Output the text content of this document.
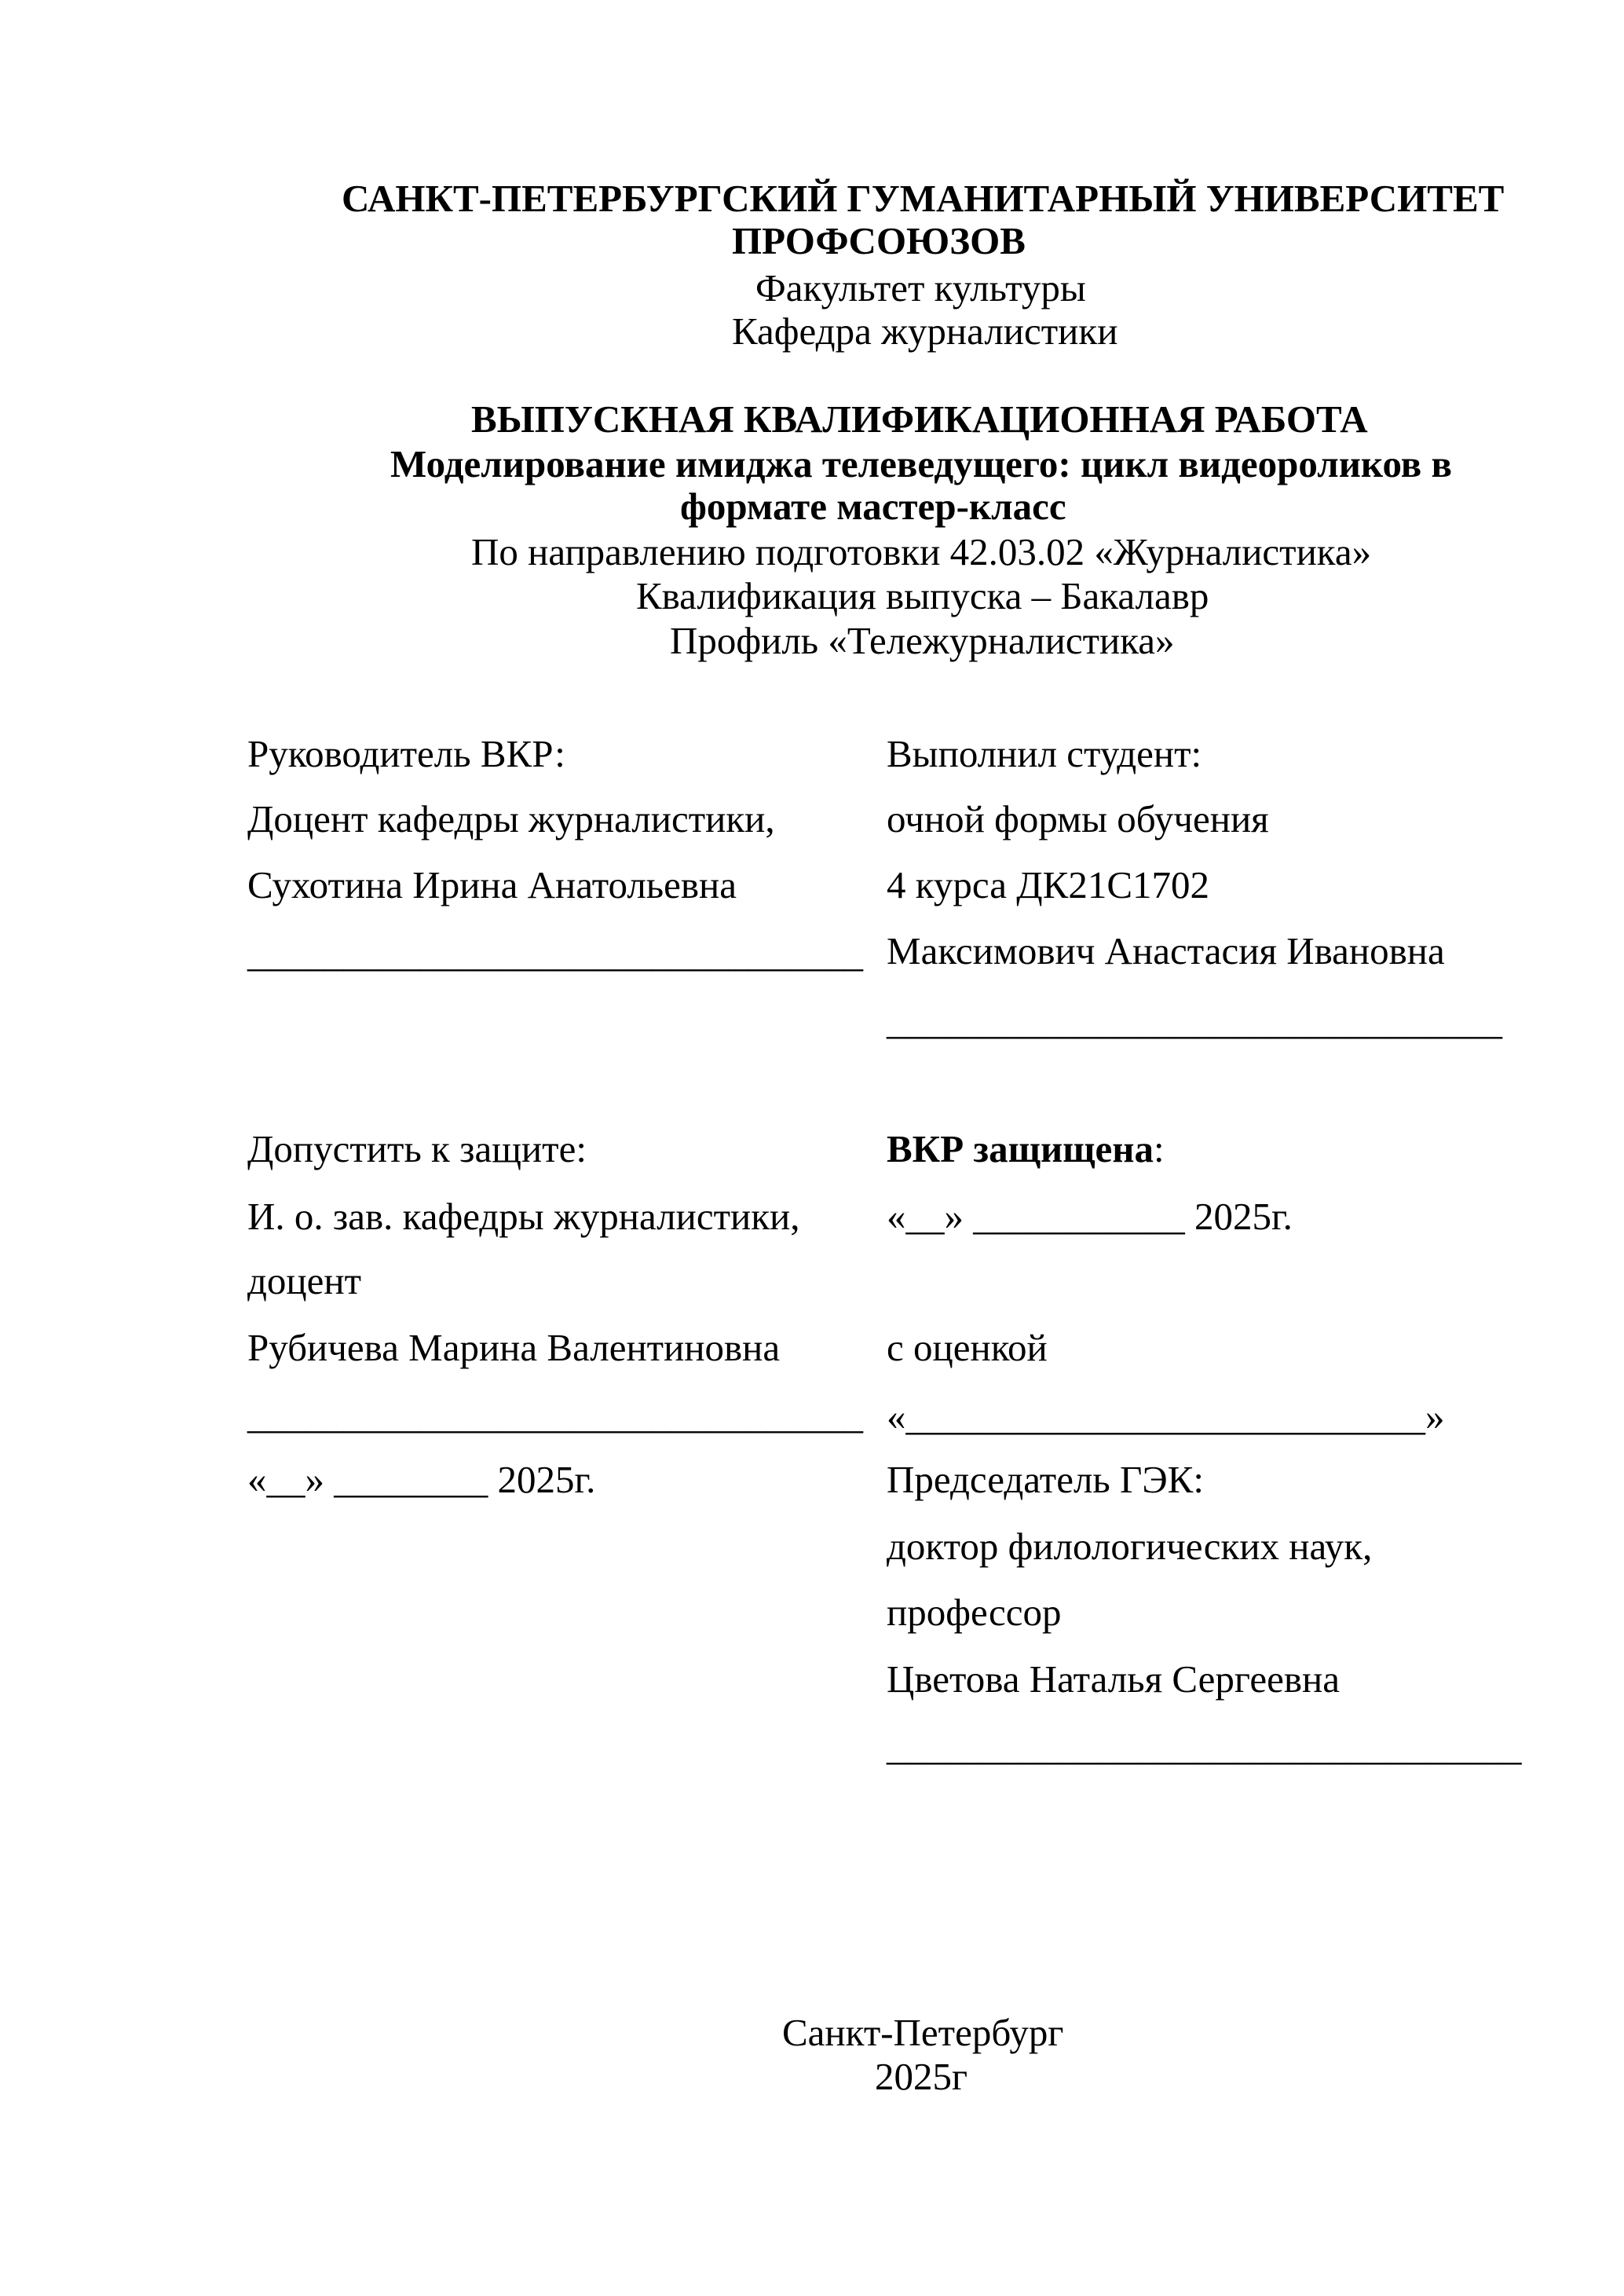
САНКТ-ПЕТЕРБУРГСКИЙ ГУМАНИТАРНЫЙ УНИВЕРСИТЕТ
ПРОФСОЮЗОВ
Факультет культуры
Кафедра журналистики
ВЫПУСКНАЯ КВАЛИФИКАЦИОННАЯ РАБОТА
Моделирование имиджа телеведущего: цикл видеороликов в
формате мастер-класс
По направлению подготовки 42.03.02 «Журналистика»
Квалификация выпуска – Бакалавр
Профиль «Тележурналистика»
Руководитель ВКР:
Доцент кафедры журналистики,
Сухотина Ирина Анатольевна
________________________________
Выполнил студент:
очной формы обучения
4 курса ДК21С1702
Максимович Анастасия Ивановна
________________________________
Допустить к защите:
И. о. зав. кафедры журналистики,
доцент
Рубичева Марина Валентиновна
________________________________
«__» ________ 2025г.
ВКР защищена:
«__» ___________ 2025г.
с оценкой
«___________________________»
Председатель ГЭК:
доктор филологических наук,
профессор
Цветова Наталья Сергеевна
_________________________________
Санкт-Петербург
2025г
